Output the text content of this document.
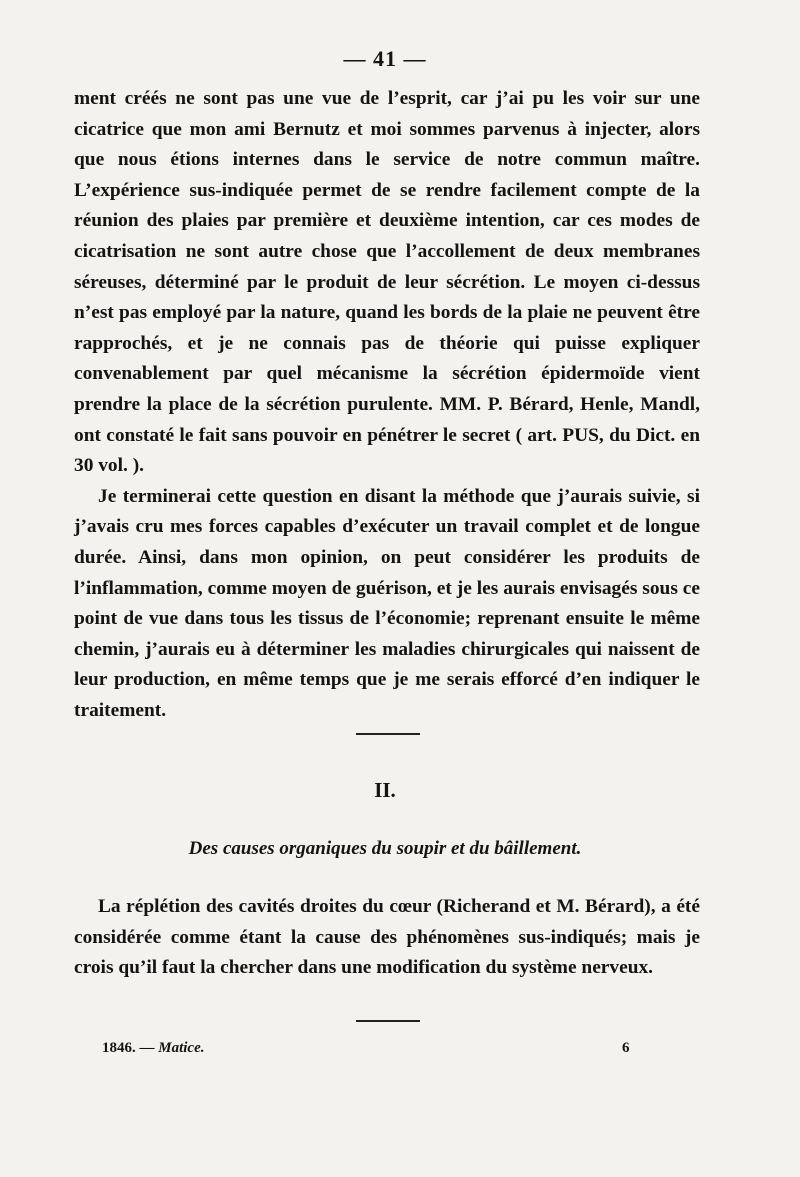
— 41 —

ment créés ne sont pas une vue de l’esprit, car j’ai pu les voir sur une cicatrice que mon ami Bernutz et moi sommes parvenus à injecter, alors que nous étions internes dans le service de notre commun maître. L’expérience sus-indiquée permet de se rendre facilement compte de la réunion des plaies par première et deuxième intention, car ces modes de cicatrisation ne sont autre chose que l’accollement de deux membranes séreuses, déterminé par le produit de leur sécrétion. Le moyen ci-dessus n’est pas employé par la nature, quand les bords de la plaie ne peuvent être rapprochés, et je ne connais pas de théorie qui puisse expliquer convenablement par quel mécanisme la sécrétion épidermoïde vient prendre la place de la sécrétion purulente. MM. P. Bérard, Henle, Mandl, ont constaté le fait sans pouvoir en pénétrer le secret ( art. PUS, du Dict. en 30 vol. ).

Je terminerai cette question en disant la méthode que j’aurais suivie, si j’avais cru mes forces capables d’exécuter un travail complet et de longue durée. Ainsi, dans mon opinion, on peut considérer les produits de l’inflammation, comme moyen de guérison, et je les aurais envisagés sous ce point de vue dans tous les tissus de l’économie; reprenant ensuite le même chemin, j’aurais eu à déterminer les maladies chirurgicales qui naissent de leur production, en même temps que je me serais efforcé d’en indiquer le traitement.

II.
Des causes organiques du soupir et du bâillement.

La réplétion des cavités droites du cœur (Richerand et M. Bérard), a été considérée comme étant la cause des phénomènes sus-indiqués; mais je crois qu’il faut la chercher dans une modification du système nerveux.

1846. — Matice.	6
